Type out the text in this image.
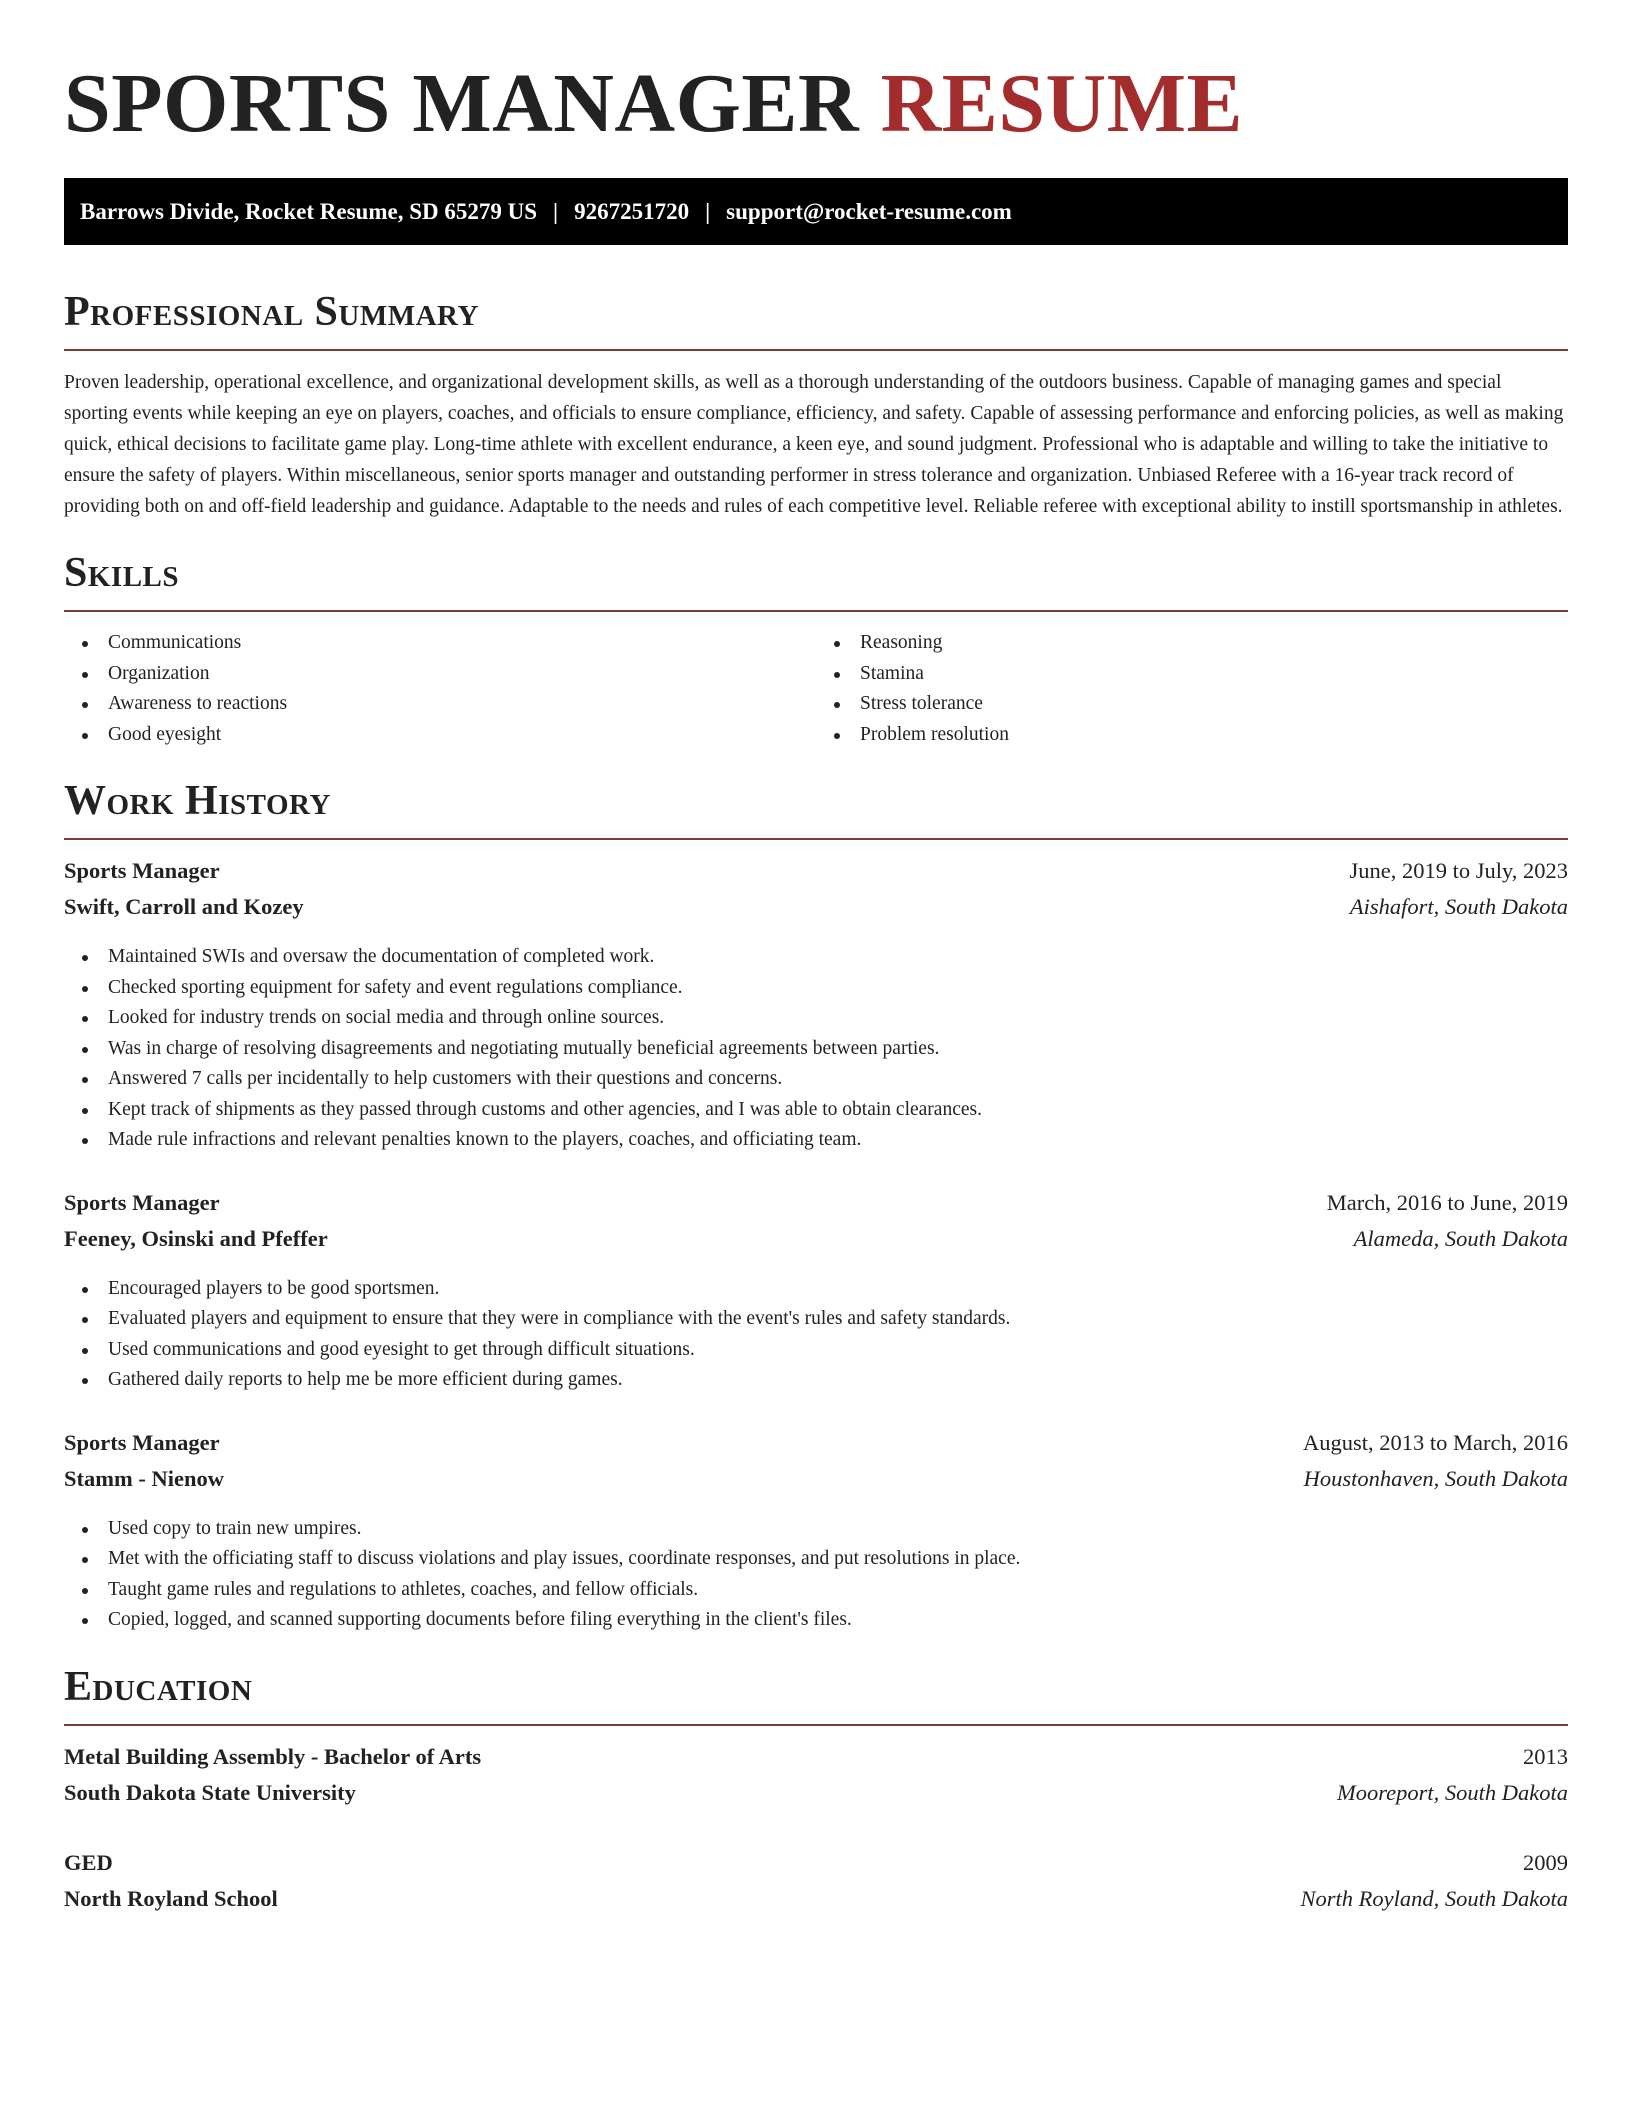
SPORTS MANAGER RESUME
Barrows Divide, Rocket Resume, SD 65279 US | 9267251720 | support@rocket-resume.com
Professional Summary

Proven leadership, operational excellence, and organizational development skills, as well as a thorough understanding of the outdoors business. Capable of managing games and special sporting events while keeping an eye on players, coaches, and officials to ensure compliance, efficiency, and safety. Capable of assessing performance and enforcing policies, as well as making quick, ethical decisions to facilitate game play. Long-time athlete with excellent endurance, a keen eye, and sound judgment. Professional who is adaptable and willing to take the initiative to ensure the safety of players. Within miscellaneous, senior sports manager and outstanding performer in stress tolerance and organization. Unbiased Referee with a 16-year track record of providing both on and off-field leadership and guidance. Adaptable to the needs and rules of each competitive level. Reliable referee with exceptional ability to instill sportsmanship in athletes.

Skills
Communications
Organization
Awareness to reactions
Good eyesight
Reasoning
Stamina
Stress tolerance
Problem resolution
Work History
Sports Manager	June, 2019 to July, 2023
Swift, Carroll and Kozey	Aishafort, South Dakota
Maintained SWIs and oversaw the documentation of completed work.
Checked sporting equipment for safety and event regulations compliance.
Looked for industry trends on social media and through online sources.
Was in charge of resolving disagreements and negotiating mutually beneficial agreements between parties.
Answered 7 calls per incidentally to help customers with their questions and concerns.
Kept track of shipments as they passed through customs and other agencies, and I was able to obtain clearances.
Made rule infractions and relevant penalties known to the players, coaches, and officiating team.
Sports Manager	March, 2016 to June, 2019
Feeney, Osinski and Pfeffer	Alameda, South Dakota
Encouraged players to be good sportsmen.
Evaluated players and equipment to ensure that they were in compliance with the event's rules and safety standards.
Used communications and good eyesight to get through difficult situations.
Gathered daily reports to help me be more efficient during games.
Sports Manager	August, 2013 to March, 2016
Stamm - Nienow	Houstonhaven, South Dakota
Used copy to train new umpires.
Met with the officiating staff to discuss violations and play issues, coordinate responses, and put resolutions in place.
Taught game rules and regulations to athletes, coaches, and fellow officials.
Copied, logged, and scanned supporting documents before filing everything in the client's files.
Education
Metal Building Assembly - Bachelor of Arts	2013
South Dakota State University	Mooreport, South Dakota
GED	2009
North Royland School	North Royland, South Dakota
